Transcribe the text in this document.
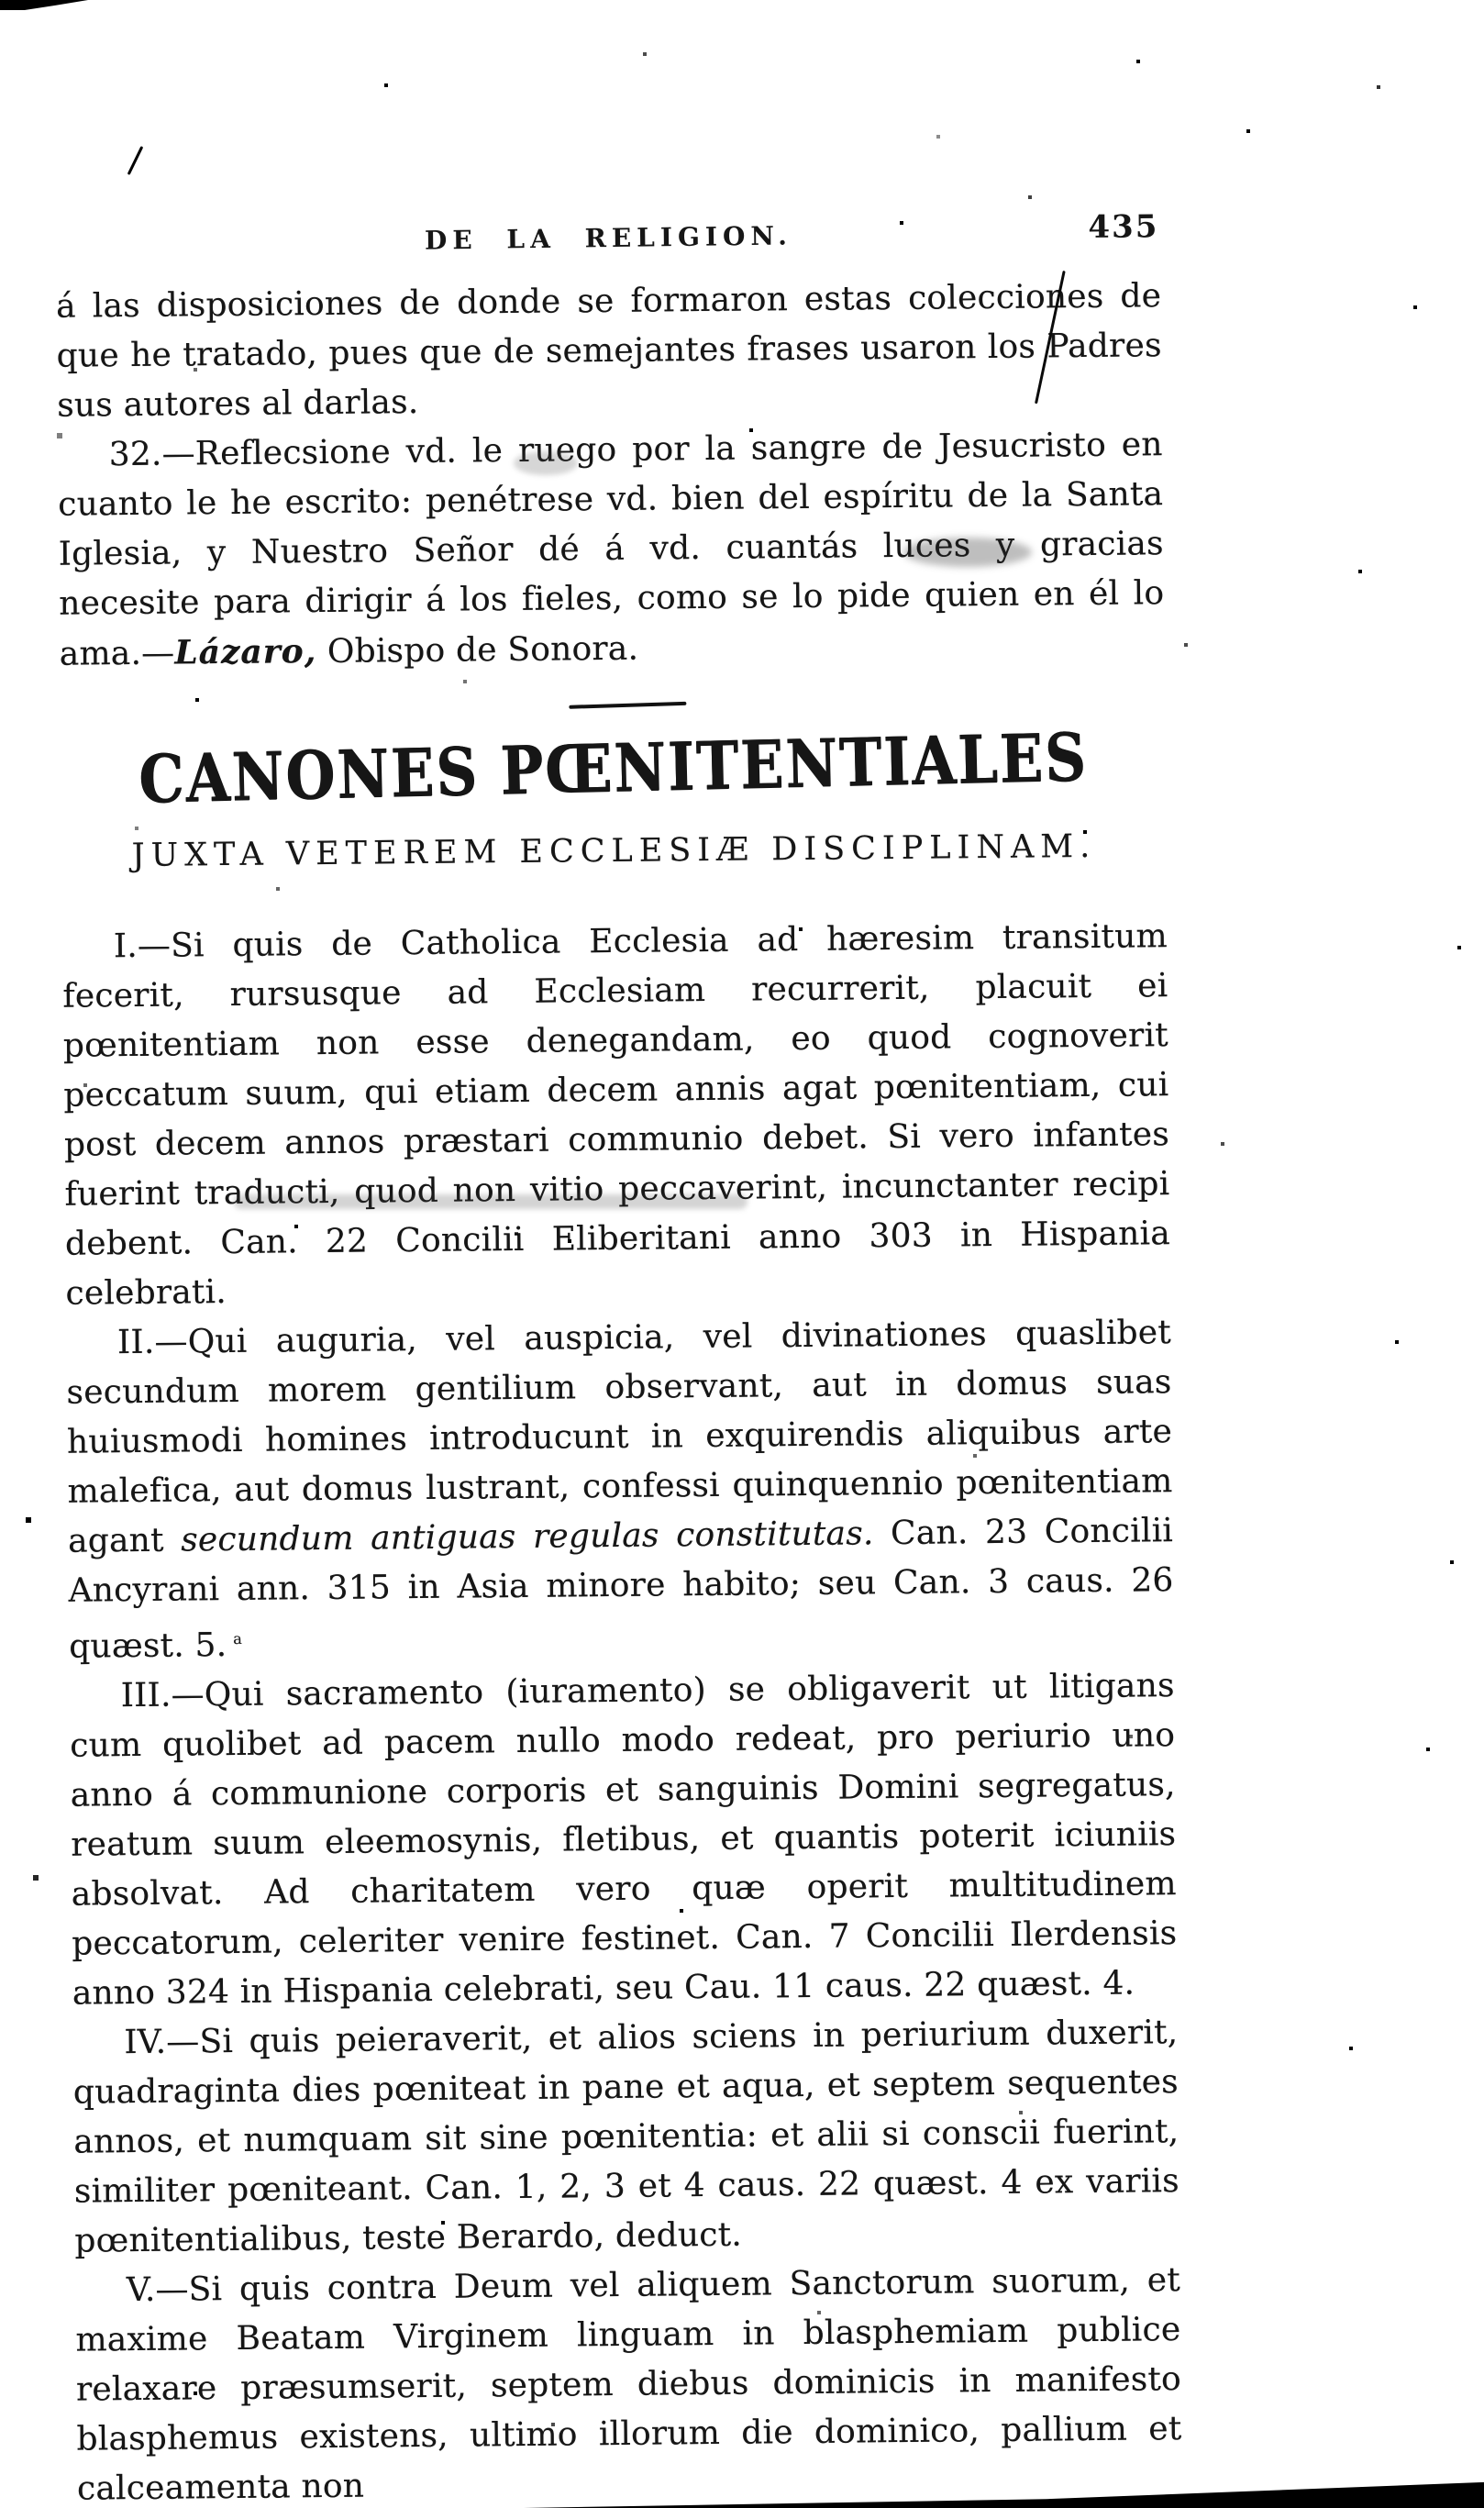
DE LA RELIGION.	435

á las disposiciones de donde se formaron estas colecciones de que he tratado, pues que de semejantes frases usaron los Padres sus autores al darlas.

32.—Reflecsione vd. le ruego por la sangre de Jesucristo en cuanto le he escrito: penétrese vd. bien del espíritu de la Santa Iglesia, y Nuestro Señor dé á vd. cuantás luces y gracias necesite para dirigir á los fieles, como se lo pide quien en él lo ama.—Lázaro, Obispo de Sonora.

CANONES PŒNITENTIALES
JUXTA VETEREM ECCLESIÆ DISCIPLINAM.

I.—Si quis de Catholica Ecclesia ad hæresim transitum fecerit, rursusque ad Ecclesiam recurrerit, placuit ei pœnitentiam non esse denegandam, eo quod cognoverit peccatum suum, qui etiam decem annis agat pœnitentiam, cui post decem annos præstari communio debet. Si vero infantes fuerint traducti, quod non vitio peccaverint, incunctanter recipi debent. Can. 22 Concilii Eliberitani anno 303 in Hispania celebrati.

II.—Qui auguria, vel auspicia, vel divinationes quaslibet secundum morem gentilium observant, aut in domus suas huiusmodi homines introducunt in exquirendis aliquibus arte malefica, aut domus lustrant, confessi quinquennio pœnitentiam agant secundum antiguas regulas constitutas. Can. 23 Concilii Ancyrani ann. 315 in Asia minore habito; seu Can. 3 caus. 26 quæst. 5. $^a$

III.—Qui sacramento (iuramento) se obligaverit ut litigans cum quolibet ad pacem nullo modo redeat, pro periurio uno anno á communione corporis et sanguinis Domini segregatus, reatum suum eleemosynis, fletibus, et quantis poterit iciuniis absolvat. Ad charitatem vero quæ operit multitudinem peccatorum, celeriter venire festinet. Can. 7 Concilii Ilerdensis anno 324 in Hispania celebrati, seu Cau. 11 caus. 22 quæst. 4.

IV.—Si quis peieraverit, et alios sciens in periurium duxerit, quadraginta dies pœniteat in pane et aqua, et septem sequentes annos, et numquam sit sine pœnitentia: et alii si conscii fuerint, similiter pœniteant. Can. 1, 2, 3 et 4 caus. 22 quæst. 4 ex variis pœnitentialibus, teste Berardo, deduct.

V.—Si quis contra Deum vel aliquem Sanctorum suorum, et maxime Beatam Virginem linguam in blasphemiam publice relaxare præsumserit, septem diebus dominicis in manifesto blasphemus existens, ultimo illorum die dominico, pallium et calceamenta non
